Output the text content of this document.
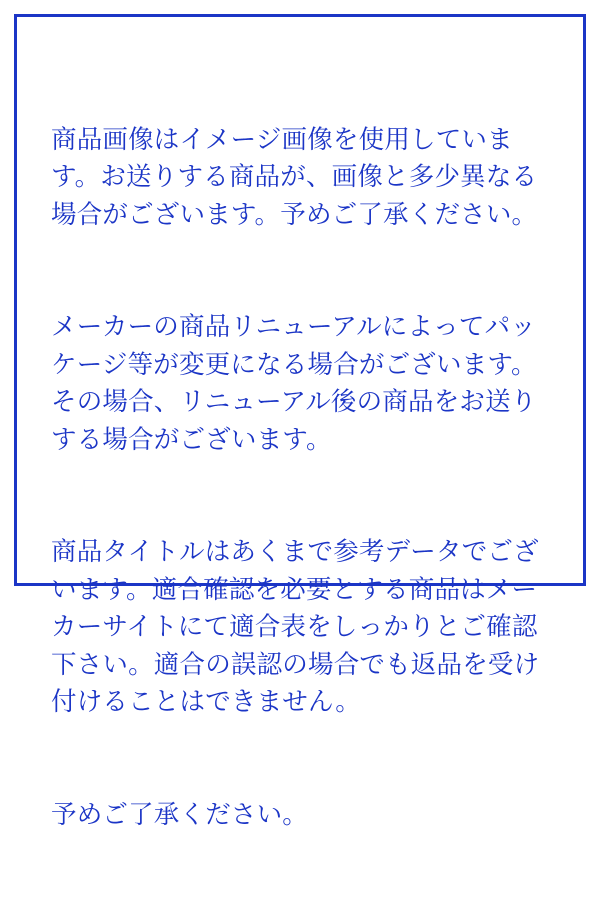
商品画像はイメージ画像を使用しています。お送りする商品が、画像と多少異なる場合がございます。予めご了承ください。

メーカーの商品リニューアルによってパッケージ等が変更になる場合がございます。その場合、リニューアル後の商品をお送りする場合がございます。

商品タイトルはあくまで参考データでございます。適合確認を必要とする商品はメーカーサイトにて適合表をしっかりとご確認下さい。適合の誤認の場合でも返品を受け付けることはできません。

予めご了承ください。
